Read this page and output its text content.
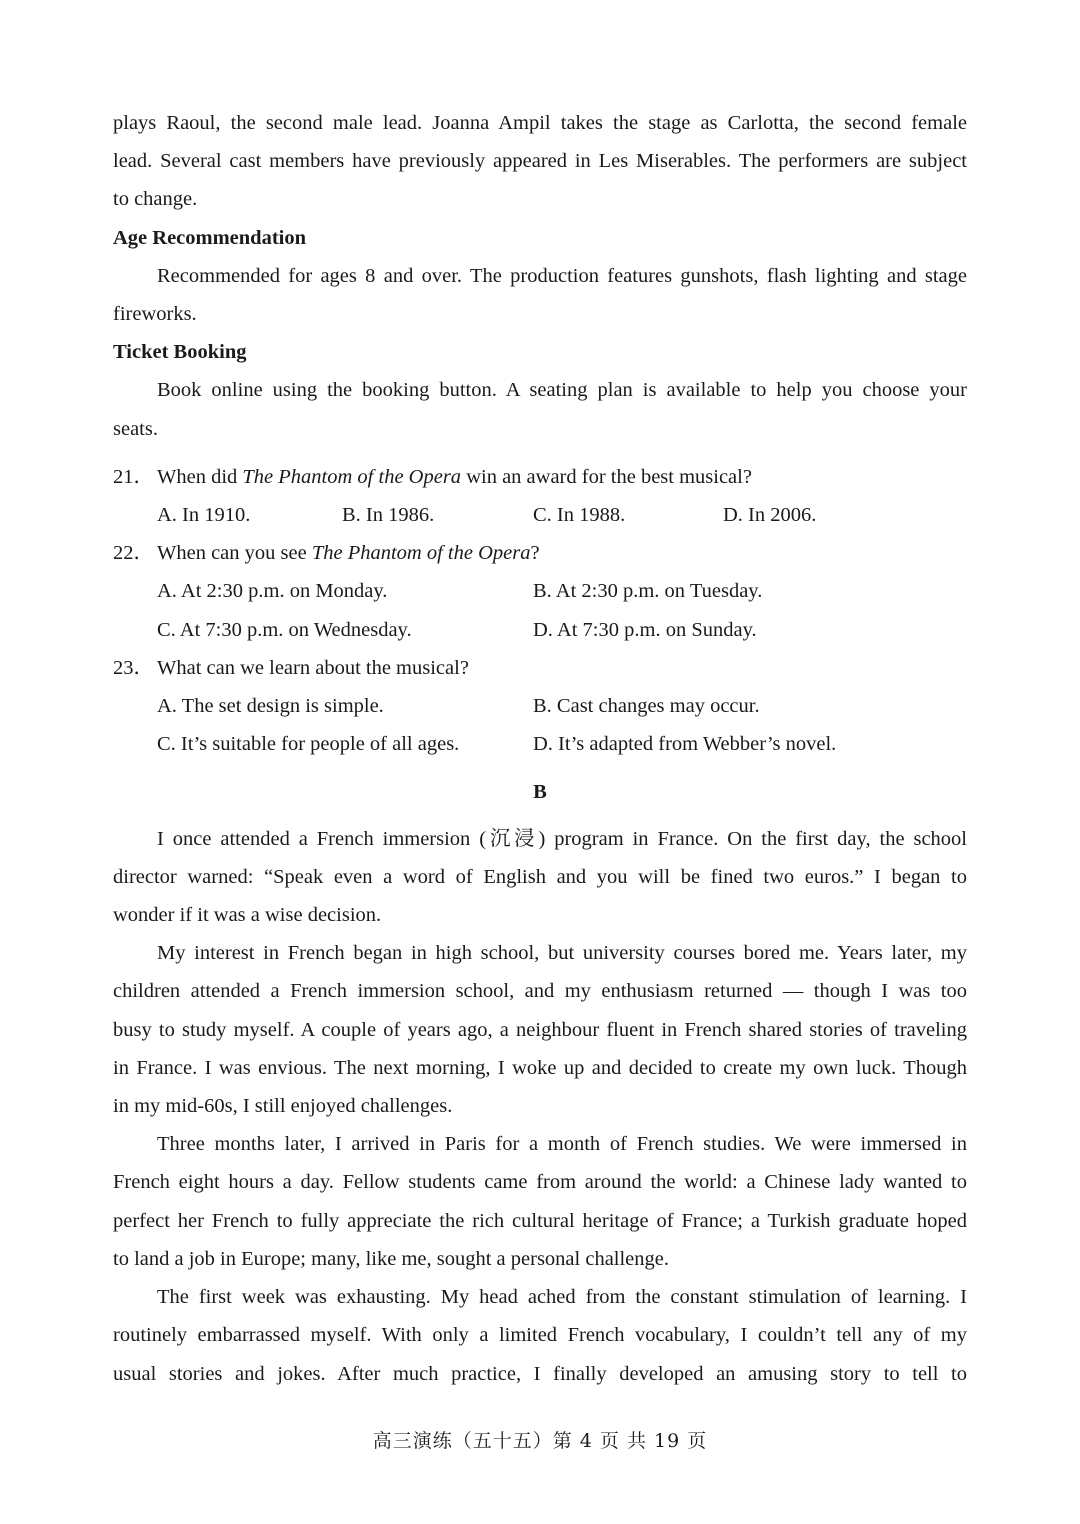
plays Raoul, the second male lead. Joanna Ampil takes the stage as Carlotta, the second female
lead. Several cast members have previously appeared in Les Miserables. The performers are subject
to change.
Age Recommendation
Recommended for ages 8 and over. The production features gunshots, flash lighting and stage
fireworks.
Ticket Booking
Book online using the booking button. A seating plan is available to help you choose your
seats.
21． When did The Phantom of the Opera win an award for the best musical?
A. In 1910.	B. In 1986.	C. In 1988.	D. In 2006.
22． When can you see The Phantom of the Opera?
A. At 2:30 p.m. on Monday.	B. At 2:30 p.m. on Tuesday.
C. At 7:30 p.m. on Wednesday.	D. At 7:30 p.m. on Sunday.
23． What can we learn about the musical?
A. The set design is simple.	B. Cast changes may occur.
C. It’s suitable for people of all ages.	D. It’s adapted from Webber’s novel.
B
I once attended a French immersion (沉浸) program in France. On the first day, the school
director warned: “Speak even a word of English and you will be fined two euros.” I began to
wonder if it was a wise decision.
My interest in French began in high school, but university courses bored me. Years later, my
children attended a French immersion school, and my enthusiasm returned — though I was too
busy to study myself. A couple of years ago, a neighbour fluent in French shared stories of traveling
in France. I was envious. The next morning, I woke up and decided to create my own luck. Though
in my mid-60s, I still enjoyed challenges.
Three months later, I arrived in Paris for a month of French studies. We were immersed in
French eight hours a day. Fellow students came from around the world: a Chinese lady wanted to
perfect her French to fully appreciate the rich cultural heritage of France; a Turkish graduate hoped
to land a job in Europe; many, like me, sought a personal challenge.
The first week was exhausting. My head ached from the constant stimulation of learning. I
routinely embarrassed myself. With only a limited French vocabulary, I couldn’t tell any of my
usual stories and jokes. After much practice, I finally developed an amusing story to tell to
高三演练（五十五）第 4 页 共 19 页
